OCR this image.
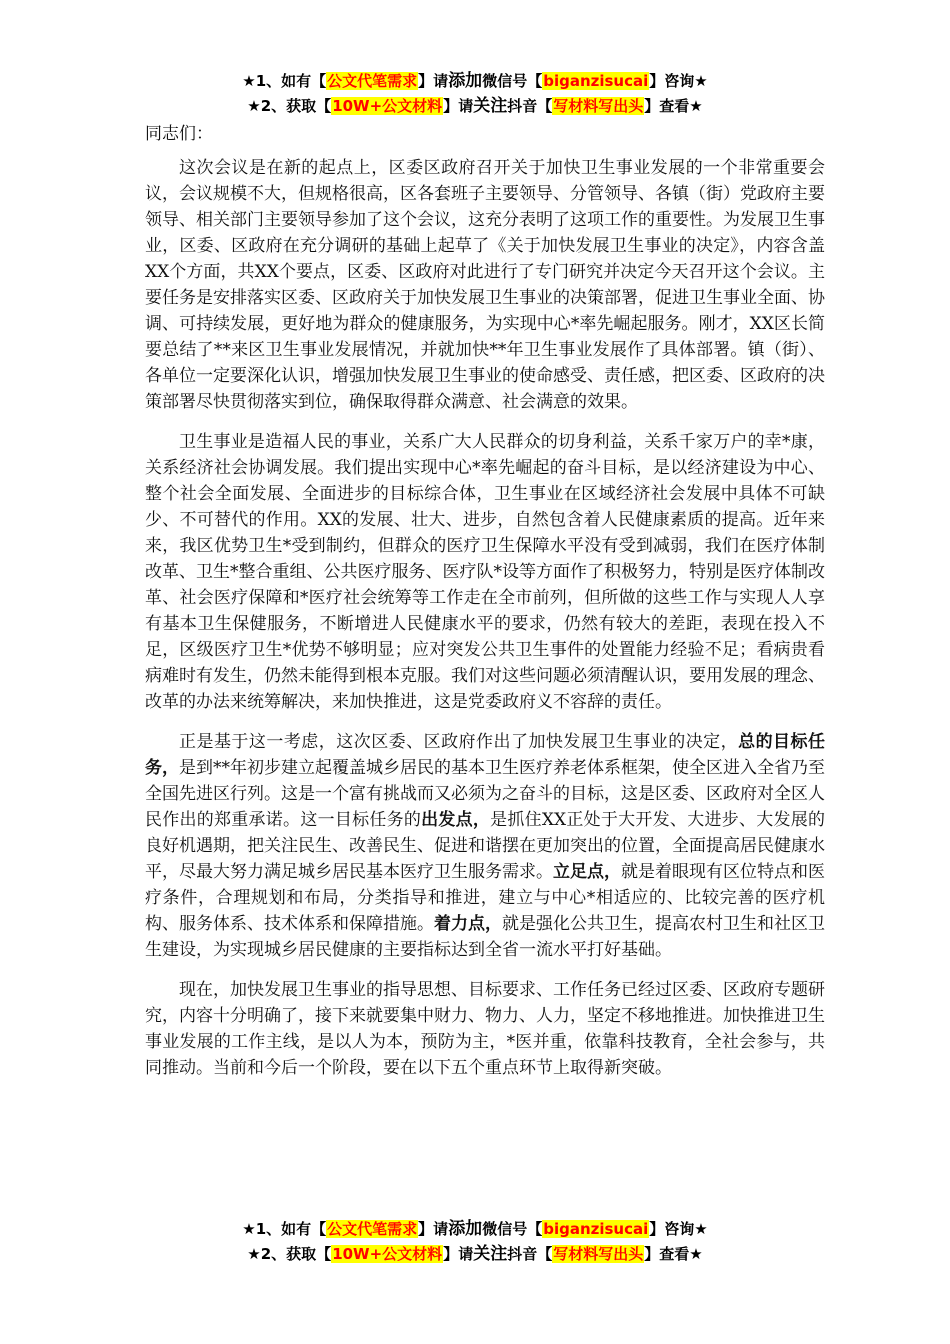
★1、如有【公文代笔需求】请添加微信号【biganzisucai】咨询★
★2、获取【10W+公文材料】请关注抖音【写材料写出头】查看★

同志们：

这次会议是在新的起点上，区委区政府召开关于加快卫生事业发展的一个非常重要会议，会议规模不大，但规格很高，区各套班子主要领导、分管领导、各镇（街）党政府主要领导、相关部门主要领导参加了这个会议，这充分表明了这项工作的重要性。为发展卫生事业，区委、区政府在充分调研的基础上起草了《关于加快发展卫生事业的决定》，内容含盖XX个方面，共XX个要点，区委、区政府对此进行了专门研究并决定今天召开这个会议。主要任务是安排落实区委、区政府关于加快发展卫生事业的决策部署，促进卫生事业全面、协调、可持续发展，更好地为群众的健康服务，为实现中心*率先崛起服务。刚才，XX区长简要总结了**来区卫生事业发展情况，并就加快**年卫生事业发展作了具体部署。镇（街）、各单位一定要深化认识，增强加快发展卫生事业的使命感受、责任感，把区委、区政府的决策部署尽快贯彻落实到位，确保取得群众满意、社会满意的效果。

卫生事业是造福人民的事业，关系广大人民群众的切身利益，关系千家万户的幸*康，关系经济社会协调发展。我们提出实现中心*率先崛起的奋斗目标，是以经济建设为中心、整个社会全面发展、全面进步的目标综合体，卫生事业在区域经济社会发展中具体不可缺少、不可替代的作用。XX的发展、壮大、进步，自然包含着人民健康素质的提高。近年来来，我区优势卫生*受到制约，但群众的医疗卫生保障水平没有受到减弱，我们在医疗体制改革、卫生*整合重组、公共医疗服务、医疗队*设等方面作了积极努力，特别是医疗体制改革、社会医疗保障和*医疗社会统筹等工作走在全市前列，但所做的这些工作与实现人人享有基本卫生保健服务，不断增进人民健康水平的要求，仍然有较大的差距，表现在投入不足，区级医疗卫生*优势不够明显；应对突发公共卫生事件的处置能力经验不足；看病贵看病难时有发生，仍然未能得到根本克服。我们对这些问题必须清醒认识，要用发展的理念、改革的办法来统筹解决，来加快推进，这是党委政府义不容辞的责任。

正是基于这一考虑，这次区委、区政府作出了加快发展卫生事业的决定，总的目标任务，是到**年初步建立起覆盖城乡居民的基本卫生医疗养老体系框架，使全区进入全省乃至全国先进区行列。这是一个富有挑战而又必须为之奋斗的目标，这是区委、区政府对全区人民作出的郑重承诺。这一目标任务的出发点，是抓住XX正处于大开发、大进步、大发展的良好机遇期，把关注民生、改善民生、促进和谐摆在更加突出的位置，全面提高居民健康水平，尽最大努力满足城乡居民基本医疗卫生服务需求。立足点，就是着眼现有区位特点和医疗条件，合理规划和布局，分类指导和推进，建立与中心*相适应的、比较完善的医疗机构、服务体系、技术体系和保障措施。着力点，就是强化公共卫生，提高农村卫生和社区卫生建设，为实现城乡居民健康的主要指标达到全省一流水平打好基础。

现在，加快发展卫生事业的指导思想、目标要求、工作任务已经过区委、区政府专题研究，内容十分明确了，接下来就要集中财力、物力、人力，坚定不移地推进。加快推进卫生事业发展的工作主线，是以人为本，预防为主，*医并重，依靠科技教育，全社会参与，共同推动。当前和今后一个阶段，要在以下五个重点环节上取得新突破。

★1、如有【公文代笔需求】请添加微信号【biganzisucai】咨询★
★2、获取【10W+公文材料】请关注抖音【写材料写出头】查看★
